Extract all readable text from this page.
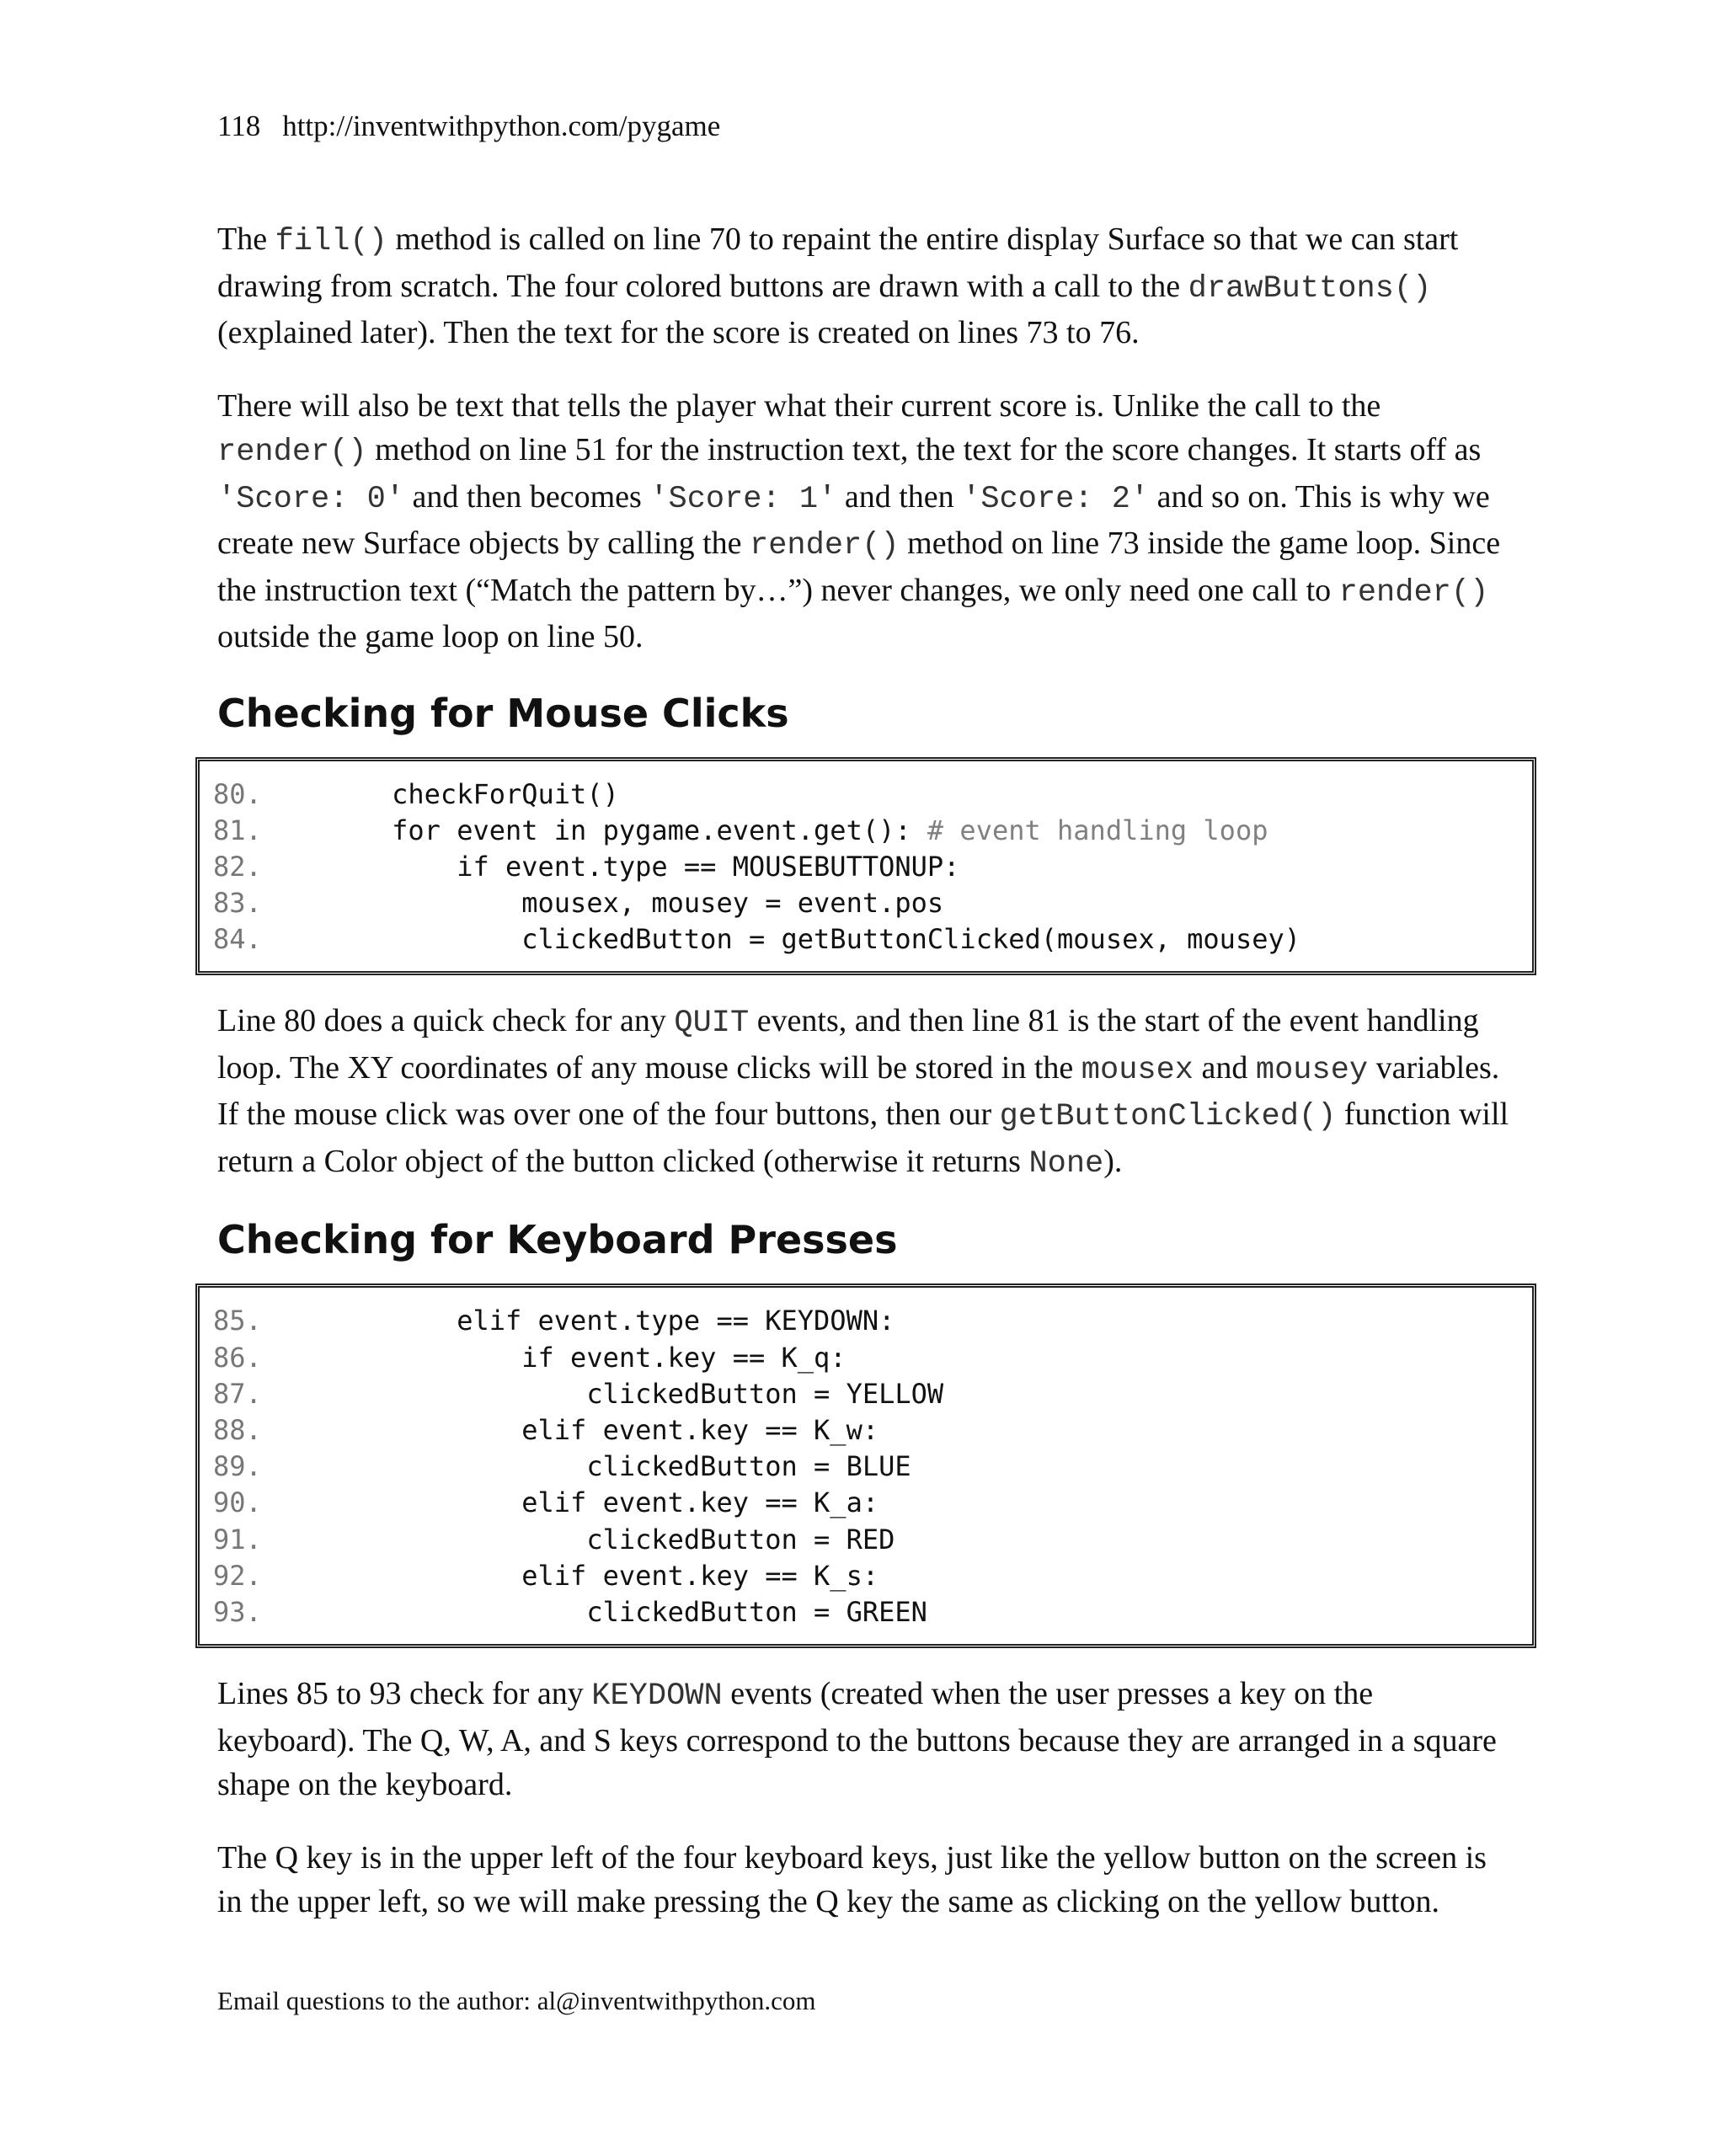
118 http://inventwithpython.com/pygame

The fill() method is called on line 70 to repaint the entire display Surface so that we can start drawing from scratch. The four colored buttons are drawn with a call to the drawButtons() (explained later). Then the text for the score is created on lines 73 to 76.

There will also be text that tells the player what their current score is. Unlike the call to the render() method on line 51 for the instruction text, the text for the score changes. It starts off as 'Score: 0' and then becomes 'Score: 1' and then 'Score: 2' and so on. This is why we create new Surface objects by calling the render() method on line 73 inside the game loop. Since the instruction text (“Match the pattern by…”) never changes, we only need one call to render() outside the game loop on line 50.

Checking for Mouse Clicks
80.        checkForQuit()
81.        for event in pygame.event.get(): # event handling loop
82.            if event.type == MOUSEBUTTONUP:
83.                mousex, mousey = event.pos
84.                clickedButton = getButtonClicked(mousex, mousey)

Line 80 does a quick check for any QUIT events, and then line 81 is the start of the event handling loop. The XY coordinates of any mouse clicks will be stored in the mousex and mousey variables. If the mouse click was over one of the four buttons, then our getButtonClicked() function will return a Color object of the button clicked (otherwise it returns None).

Checking for Keyboard Presses
85.            elif event.type == KEYDOWN:
86.                if event.key == K_q:
87.                    clickedButton = YELLOW
88.                elif event.key == K_w:
89.                    clickedButton = BLUE
90.                elif event.key == K_a:
91.                    clickedButton = RED
92.                elif event.key == K_s:
93.                    clickedButton = GREEN

Lines 85 to 93 check for any KEYDOWN events (created when the user presses a key on the keyboard). The Q, W, A, and S keys correspond to the buttons because they are arranged in a square shape on the keyboard.

The Q key is in the upper left of the four keyboard keys, just like the yellow button on the screen is in the upper left, so we will make pressing the Q key the same as clicking on the yellow button.

Email questions to the author: al@inventwithpython.com
